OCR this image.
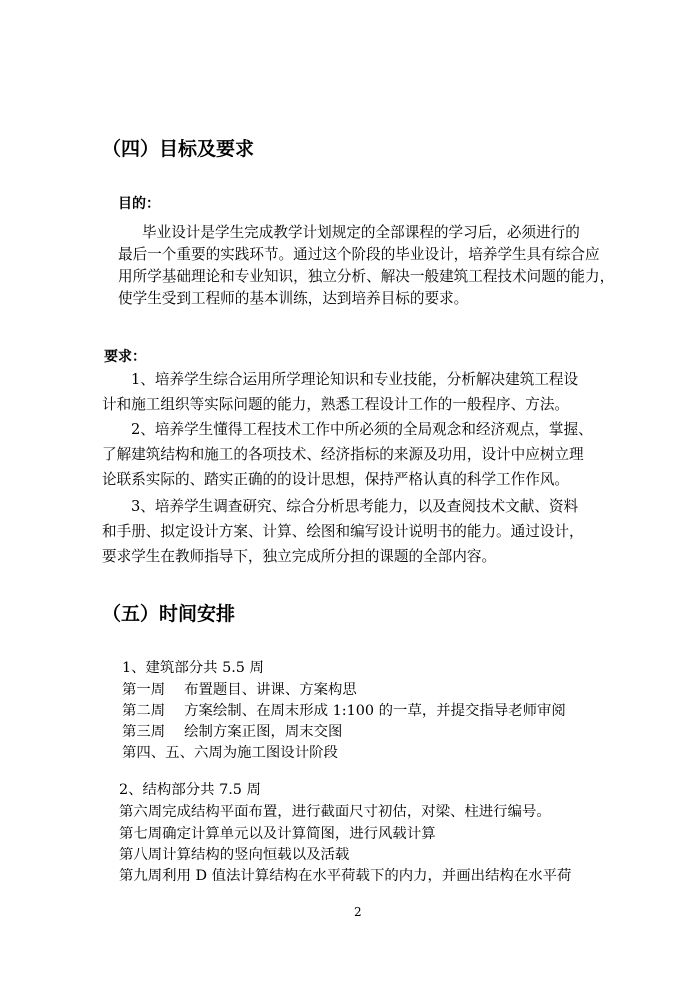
（四）目标及要求
目的：
毕业设计是学生完成教学计划规定的全部课程的学习后，必须进行的
最后一个重要的实践环节。通过这个阶段的毕业设计，培养学生具有综合应
用所学基础理论和专业知识，独立分析、解决一般建筑工程技术问题的能力，
使学生受到工程师的基本训练，达到培养目标的要求。
要求：
1、培养学生综合运用所学理论知识和专业技能，分析解决建筑工程设
计和施工组织等实际问题的能力，熟悉工程设计工作的一般程序、方法。
2、培养学生懂得工程技术工作中所必须的全局观念和经济观点，掌握、
了解建筑结构和施工的各项技术、经济指标的来源及功用，设计中应树立理
论联系实际的、踏实正确的的设计思想，保持严格认真的科学工作作风。
3、培养学生调查研究、综合分析思考能力，以及查阅技术文献、资料
和手册、拟定设计方案、计算、绘图和编写设计说明书的能力。通过设计，
要求学生在教师指导下，独立完成所分担的课题的全部内容。
（五）时间安排
1、建筑部分共 5.5 周
第一周　 布置题目、讲课、方案构思
第二周　 方案绘制、在周末形成 1:100 的一草，并提交指导老师审阅
第三周　 绘制方案正图，周末交图
第四、五、六周为施工图设计阶段
2、结构部分共 7.5 周
第六周完成结构平面布置，进行截面尺寸初估，对梁、柱进行编号。
第七周确定计算单元以及计算简图，进行风载计算
第八周计算结构的竖向恒载以及活载
第九周利用 D 值法计算结构在水平荷载下的内力，并画出结构在水平荷
2
